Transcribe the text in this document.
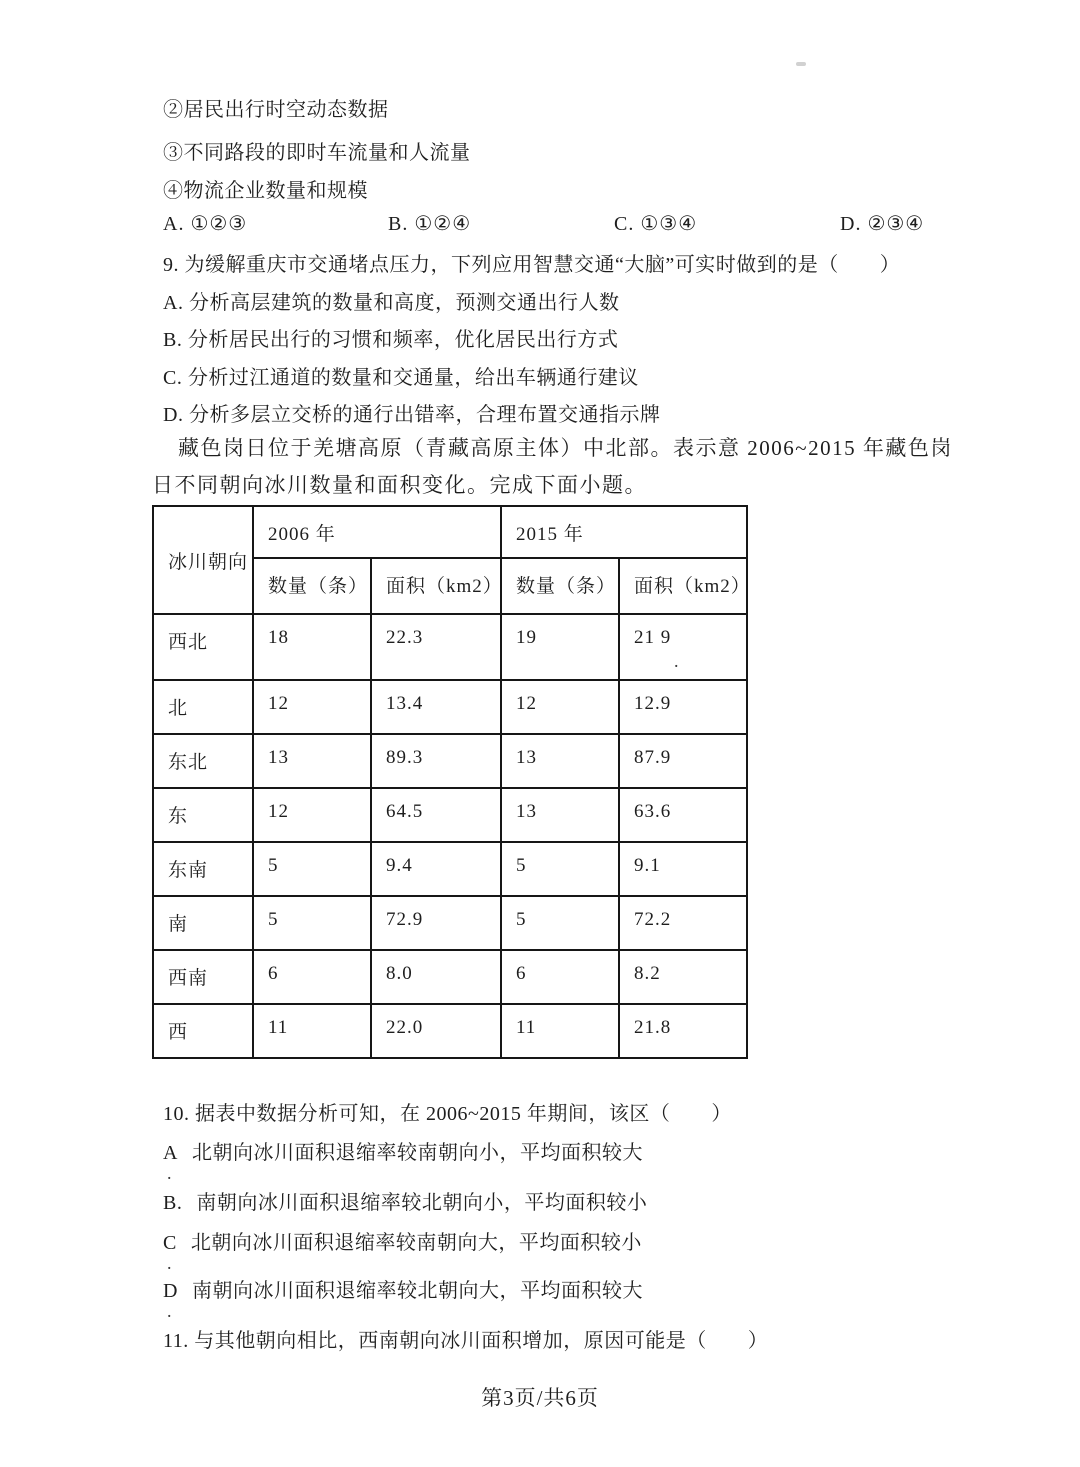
②居民出行时空动态数据
③不同路段的即时车流量和人流量
④物流企业数量和规模
A. ①②③	B. ①②④	C. ①③④	D. ②③④
9. 为缓解重庆市交通堵点压力，下列应用智慧交通“大脑”可实时做到的是（　　）
A. 分析高层建筑的数量和高度，预测交通出行人数
B. 分析居民出行的习惯和频率，优化居民出行方式
C. 分析过江通道的数量和交通量，给出车辆通行建议
D. 分析多层立交桥的通行出错率，合理布置交通指示牌
藏色岗日位于羌塘高原（青藏高原主体）中北部。表示意 2006~2015 年藏色岗日不同朝向冰川数量和面积变化。完成下面小题。
冰川朝向	2006 年		2015 年	
	数量（条）	面积（km2）	数量（条）	面积（km2）
西北	18	22.3	19	21 9
.

北	12	13.4	12	12.9
东北	13	89.3	13	87.9
东	12	64.5	13	63.6
东南	5	9.4	5	9.1
南	5	72.9	5	72.2
西南	6	8.0	6	8.2
西	11	22.0	11	21.8
10. 据表中数据分析可知，在 2006~2015 年期间，该区（　　）
A 北朝向冰川面积退缩率较南朝向小，平均面积较大
.
B. 南朝向冰川面积退缩率较北朝向小，平均面积较小
C 北朝向冰川面积退缩率较南朝向大，平均面积较小
.
D 南朝向冰川面积退缩率较北朝向大，平均面积较大
.
11. 与其他朝向相比，西南朝向冰川面积增加，原因可能是（　　）
第3页/共6页
